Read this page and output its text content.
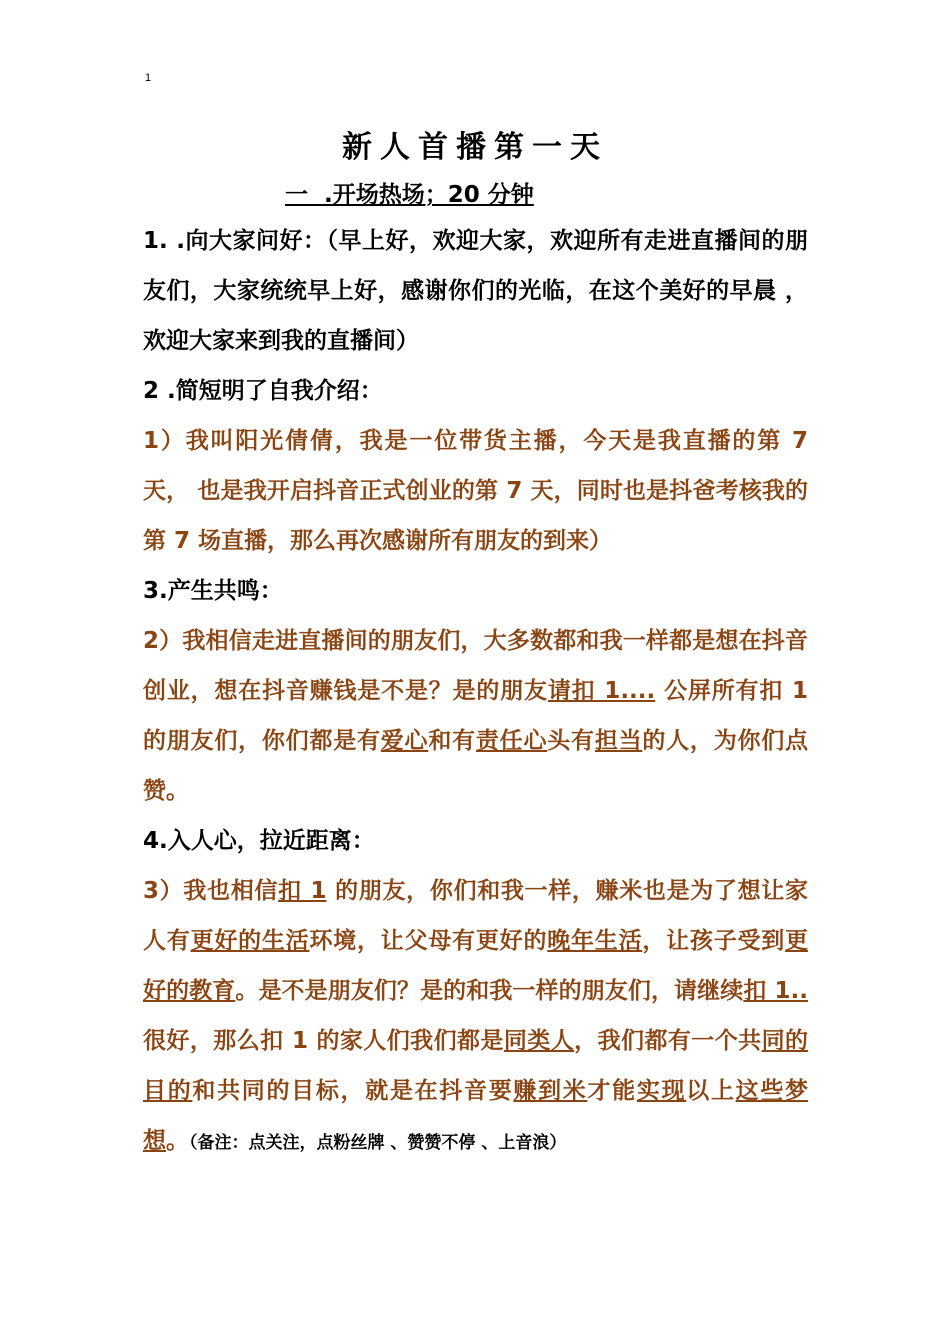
1
新人首播第一天
一  .开场热场；20 分钟

1. .向大家问好：（早上好，欢迎大家，欢迎所有走进直播间的朋友们，大家统统早上好，感谢你们的光临，在这个美好的早晨 ，欢迎大家来到我的直播间）

2 .简短明了自我介绍：

1）我叫阳光倩倩，我是一位带货主播，今天是我直播的第 7 天， 也是我开启抖音正式创业的第 7 天，同时也是抖爸考核我的第 7 场直播，那么再次感谢所有朋友的到来）

3.产生共鸣：

2）我相信走进直播间的朋友们，大多数都和我一样都是想在抖音创业，想在抖音赚钱是不是？是的朋友请扣 1.... 公屏所有扣 1 的朋友们，你们都是有爱心和有责任心头有担当的人，为你们点赞。

4.入人心，拉近距离：

3）我也相信扣 1 的朋友，你们和我一样，赚米也是为了想让家人有更好的生活环境，让父母有更好的晚年生活，让孩子受到更好的教育。是不是朋友们？是的和我一样的朋友们，请继续扣 1..很好，那么扣 1 的家人们我们都是同类人，我们都有一个共同的目的和共同的目标，就是在抖音要赚到米才能实现以上这些梦想。（备注：点关注，点粉丝牌 、赞赞不停 、上音浪）
